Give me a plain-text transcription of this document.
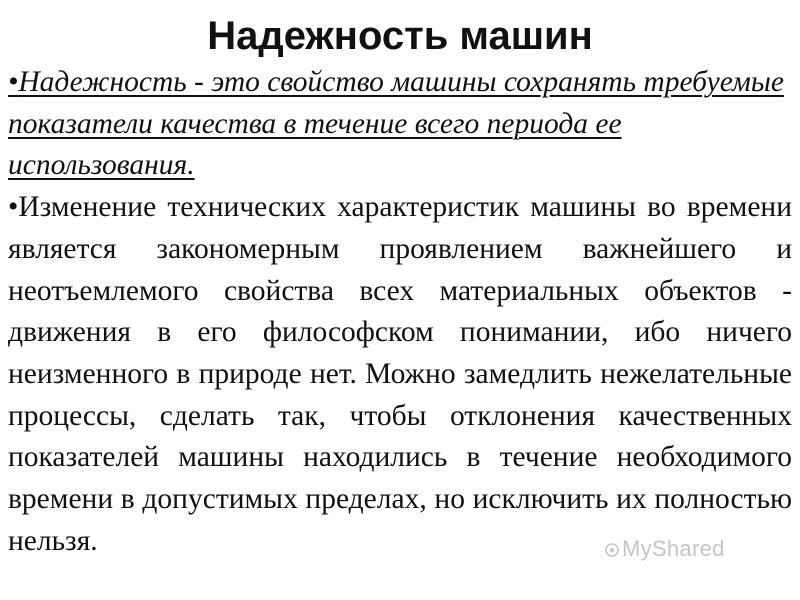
Надежность машин

•Надежность - это свойство машины сохранять требуемые показатели качества в течение всего периода ее использования.

•Изменение технических характеристик машины во времени является закономерным проявлением важнейшего и неотъемлемого свойства всех материальных объектов - движения в его философском понимании, ибо ничего неизменного в природе нет. Можно замедлить нежелательные процессы, сделать так, чтобы отклонения качественных показателей машины находились в течение необходимого времени в допустимых пределах, но исключить их полностью нельзя.	MyShared
